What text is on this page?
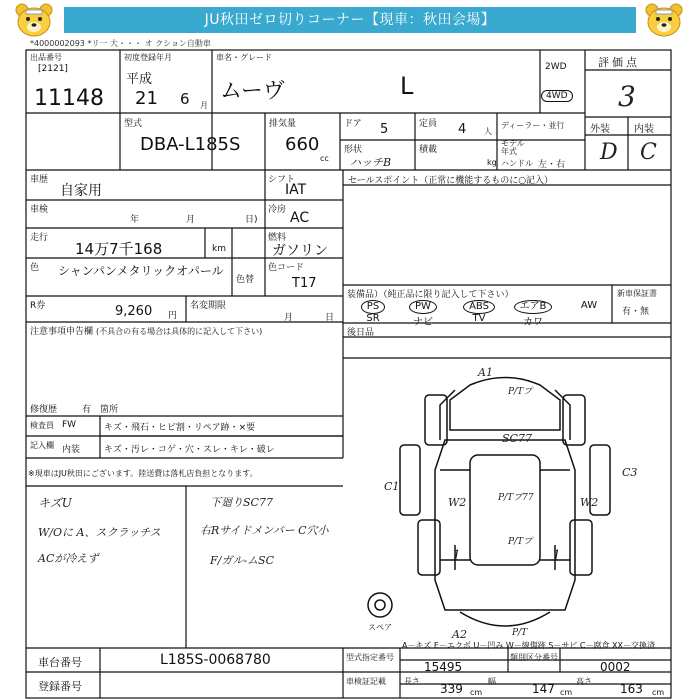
JU秋田ゼロ切りコーナー【現車：秋田会場】
*4000002093 *リ一 大・・・ オ クション自動車
出品番号
[2121]
11148
初度登録年月
平成
21 6 月
車名・グレード
ムーヴ	L
2WD
4WD
評価点
3
外装 内装
D C
型式
DBA-L185S
排気量
660
cc
ドア 5	定員 4 人
ディーラー・並行
モデル年式
形状
ハッチB
積載
kg ハンドル 左・右
車歴
自家用
シフト
IAT
セールスポイント（正常に機能するものに○記入）
車検
年	月	日)
冷房 AC
走行
14万7千168	km
燃料
ガソリン
色 シャンパンメタリックオパール
色替
色コード
T17
R券	9,260 円
名変期限
月	日
注意事項申告欄 (不具合の有る場合は具体的に記入して下さい)
修復歴	有 箇所
検査員
記入欄
FW	キズ・飛石・ヒビ割・リペア跡・×要
内装	キズ・汚レ・コゲ・穴・スレ・キレ・破レ
※現車はJU秋田にございます。陸送費は落札店負担となります。
キズU
W/Oに A、スクラッチス
ACが冷えず
下廻りSC77
右Rサイドメンバー C穴小
F/ガル-ムSC
装備品）（純正品に限り記入して下さい）
PS	PW	ABS	エアB	AW
SR	ナビ	TV	カワ
新車保証書
有・無
後日品
A1
P/Tプ
SC77
P/Tプ77
C1
C3
W2	W2
P/Tプ
A2	P/T
スペア
1	1
A－キズ E－エクボ U－凹み W－線傷跡 S－サビ C－腐食 XX－交換済
車台番号	L185S-0068780
登録番号
型式指定番号
15495
類別区分番号
0002
車検証記載 長さ
339 cm
幅
147 cm
高さ
163 cm
